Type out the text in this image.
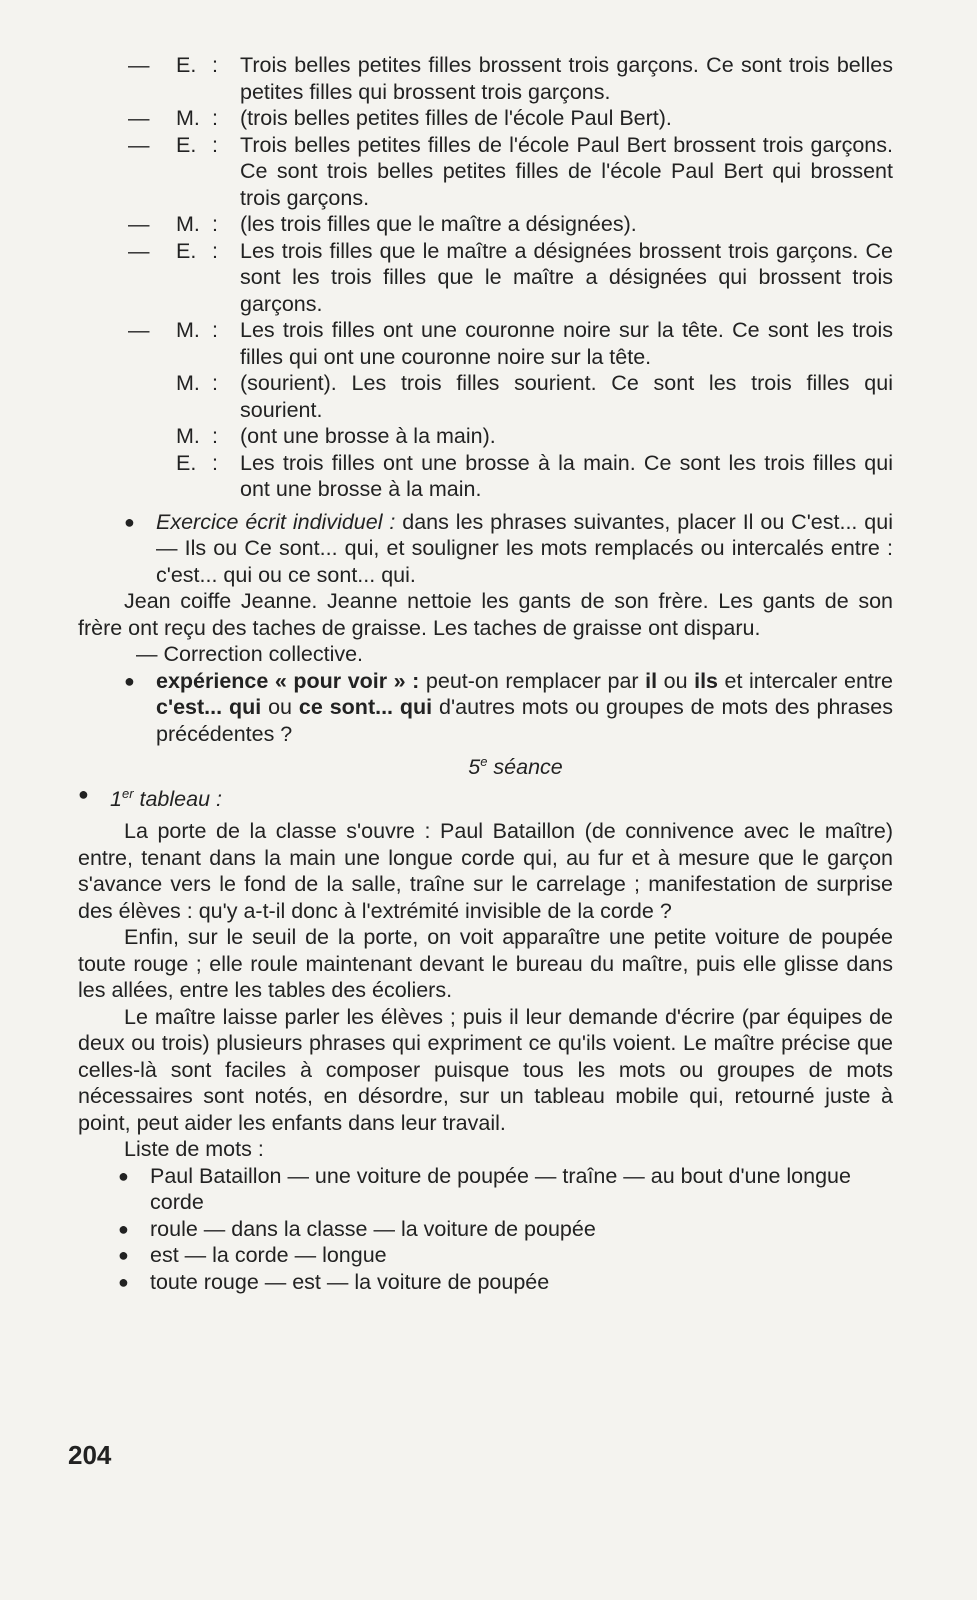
—	E. :	Trois belles petites filles brossent trois garçons. Ce sont trois belles petites filles qui brossent trois garçons.
—	M. :	(trois belles petites filles de l'école Paul Bert).
—	E. :	Trois belles petites filles de l'école Paul Bert brossent trois garçons. Ce sont trois belles petites filles de l'école Paul Bert qui brossent trois garçons.
—	M. :	(les trois filles que le maître a désignées).
—	E. :	Les trois filles que le maître a désignées brossent trois garçons. Ce sont les trois filles que le maître a désignées qui brossent trois garçons.
—	M. :	Les trois filles ont une couronne noire sur la tête. Ce sont les trois filles qui ont une couronne noire sur la tête.
M. :	(sourient). Les trois filles sourient. Ce sont les trois filles qui sourient.
M. :	(ont une brosse à la main).
E. :	Les trois filles ont une brosse à la main. Ce sont les trois filles qui ont une brosse à la main.
● Exercice écrit individuel : dans les phrases suivantes, placer Il ou C'est... qui — Ils ou Ce sont... qui, et souligner les mots remplacés ou intercalés entre : c'est... qui ou ce sont... qui.

Jean coiffe Jeanne. Jeanne nettoie les gants de son frère. Les gants de son frère ont reçu des taches de graisse. Les taches de graisse ont disparu.

— Correction collective.

● expérience « pour voir » : peut-on remplacer par il ou ils et intercaler entre c'est... qui ou ce sont... qui d'autres mots ou groupes de mots des phrases précédentes ?

5e séance

● 1er tableau :

La porte de la classe s'ouvre : Paul Bataillon (de connivence avec le maître) entre, tenant dans la main une longue corde qui, au fur et à mesure que le garçon s'avance vers le fond de la salle, traîne sur le carrelage ; manifestation de surprise des élèves : qu'y a-t-il donc à l'extrémité invisible de la corde ?

Enfin, sur le seuil de la porte, on voit apparaître une petite voiture de poupée toute rouge ; elle roule maintenant devant le bureau du maître, puis elle glisse dans les allées, entre les tables des écoliers.

Le maître laisse parler les élèves ; puis il leur demande d'écrire (par équipes de deux ou trois) plusieurs phrases qui expriment ce qu'ils voient. Le maître précise que celles-là sont faciles à composer puisque tous les mots ou groupes de mots nécessaires sont notés, en désordre, sur un tableau mobile qui, retourné juste à point, peut aider les enfants dans leur travail.

Liste de mots :

● Paul Bataillon — une voiture de poupée — traîne — au bout d'une longue corde
● roule — dans la classe — la voiture de poupée
● est — la corde — longue
● toute rouge — est — la voiture de poupée
204
